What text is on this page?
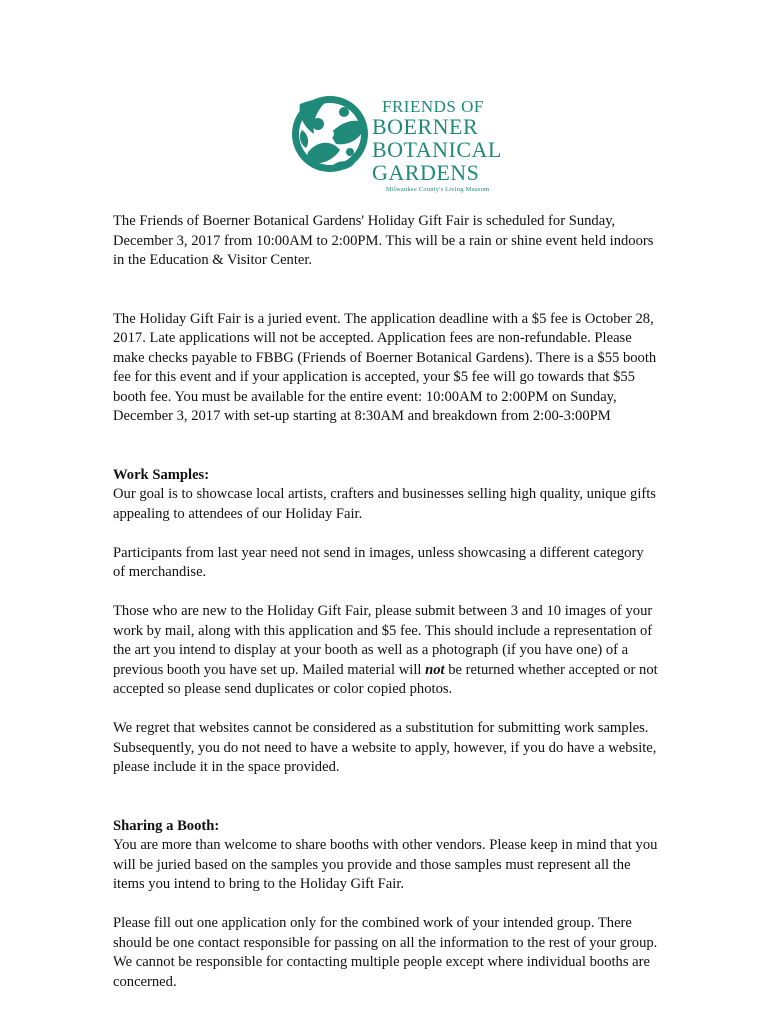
FRIENDS OF
BOERNER
BOTANICAL
GARDENS
Milwaukee County's Living Museum

The Friends of Boerner Botanical Gardens' Holiday Gift Fair is scheduled for Sunday, December 3, 2017 from 10:00AM to 2:00PM. This will be a rain or shine event held indoors in the Education & Visitor Center.

The Holiday Gift Fair is a juried event. The application deadline with a $5 fee is October 28, 2017. Late applications will not be accepted. Application fees are non-refundable. Please make checks payable to FBBG (Friends of Boerner Botanical Gardens). There is a $55 booth fee for this event and if your application is accepted, your $5 fee will go towards that $55 booth fee. You must be available for the entire event: 10:00AM to 2:00PM on Sunday, December 3, 2017 with set-up starting at 8:30AM and breakdown from 2:00-3:00PM

Work Samples:

Our goal is to showcase local artists, crafters and businesses selling high quality, unique gifts appealing to attendees of our Holiday Fair.

Participants from last year need not send in images, unless showcasing a different category of merchandise.

Those who are new to the Holiday Gift Fair, please submit between 3 and 10 images of your work by mail, along with this application and $5 fee. This should include a representation of the art you intend to display at your booth as well as a photograph (if you have one) of a previous booth you have set up. Mailed material will not be returned whether accepted or not accepted so please send duplicates or color copied photos.

We regret that websites cannot be considered as a substitution for submitting work samples. Subsequently, you do not need to have a website to apply, however, if you do have a website, please include it in the space provided.

Sharing a Booth:

You are more than welcome to share booths with other vendors. Please keep in mind that you will be juried based on the samples you provide and those samples must represent all the items you intend to bring to the Holiday Gift Fair.

Please fill out one application only for the combined work of your intended group. There should be one contact responsible for passing on all the information to the rest of your group. We cannot be responsible for contacting multiple people except where individual booths are concerned.
